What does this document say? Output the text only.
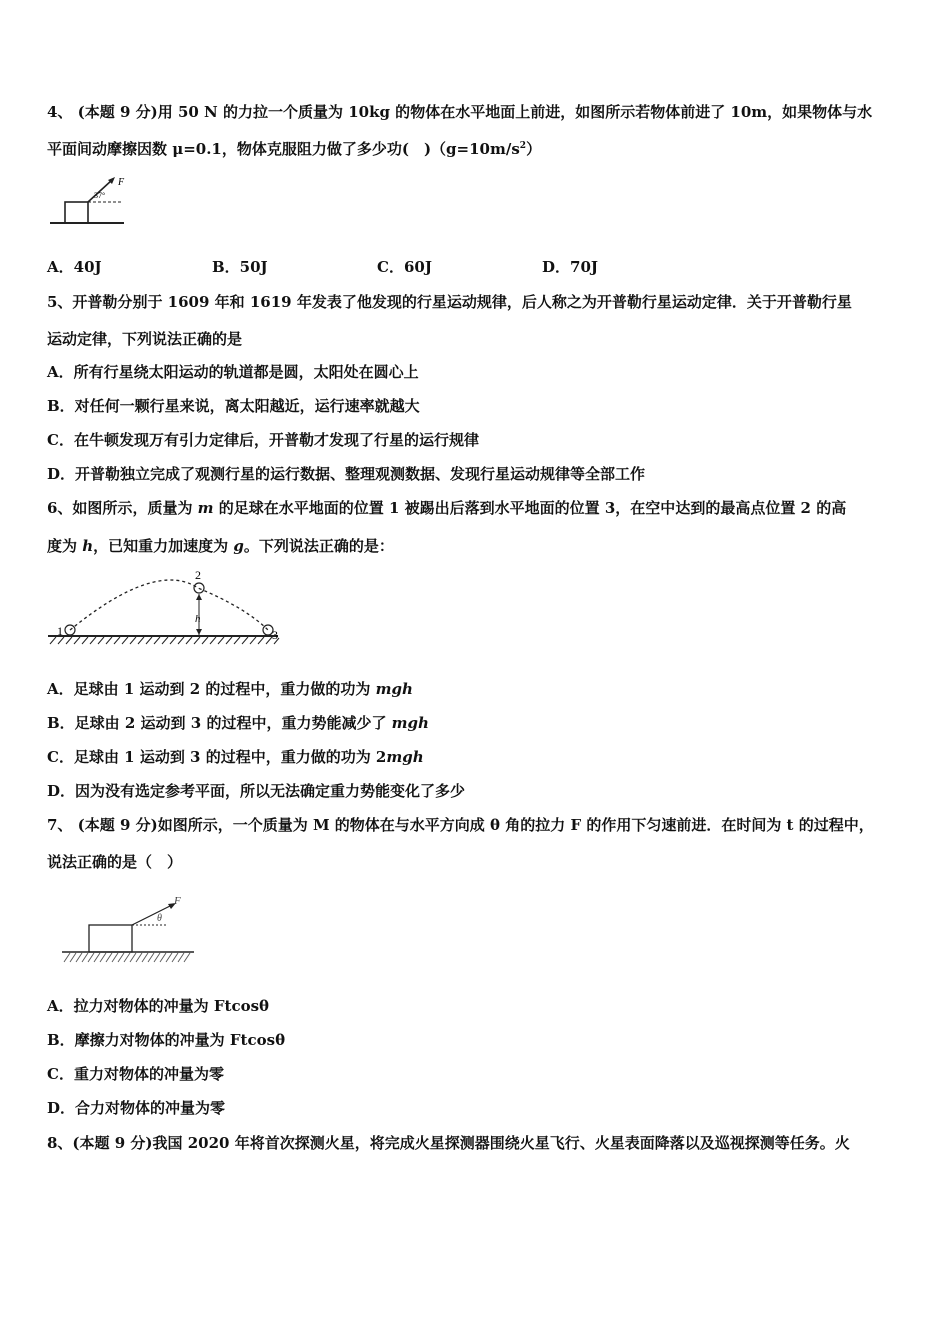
4、 (本题 9 分)用 50 N 的力拉一个质量为 10kg 的物体在水平地面上前进，如图所示若物体前进了 10m，如果物体与水
平面间动摩擦因数 μ=0.1，物体克服阻力做了多少功(　)$(g=10m/s^2)$
F
37°
A．40J	B．50J	C．60J	D．70J
5、开普勒分别于 1609 年和 1619 年发表了他发现的行星运动规律，后人称之为开普勒行星运动定律．关于开普勒行星
运动定律，下列说法正确的是
A．所有行星绕太阳运动的轨道都是圆，太阳处在圆心上
B．对任何一颗行星来说，离太阳越近，运行速率就越大
C．在牛顿发现万有引力定律后，开普勒才发现了行星的运行规律
D．开普勒独立完成了观测行星的运行数据、整理观测数据、发现行星运动规律等全部工作
6、如图所示，质量为 m 的足球在水平地面的位置 1 被踢出后落到水平地面的位置 3，在空中达到的最高点位置 2 的高
度为 h，已知重力加速度为 g。下列说法正确的是：
1
2
3
h
A．足球由 1 运动到 2 的过程中，重力做的功为 mgh
B．足球由 2 运动到 3 的过程中，重力势能减少了 mgh
C．足球由 1 运动到 3 的过程中，重力做的功为 2mgh
D．因为没有选定参考平面，所以无法确定重力势能变化了多少
7、 (本题 9 分)如图所示，一个质量为 M 的物体在与水平方向成 θ 角的拉力 F 的作用下匀速前进．在时间为 t 的过程中，
说法正确的是（　）
F
θ
A．拉力对物体的冲量为 Ftcosθ
B．摩擦力对物体的冲量为 Ftcosθ
C．重力对物体的冲量为零
D．合力对物体的冲量为零
8、(本题 9 分)我国 2020 年将首次探测火星，将完成火星探测器围绕火星飞行、火星表面降落以及巡视探测等任务。火
